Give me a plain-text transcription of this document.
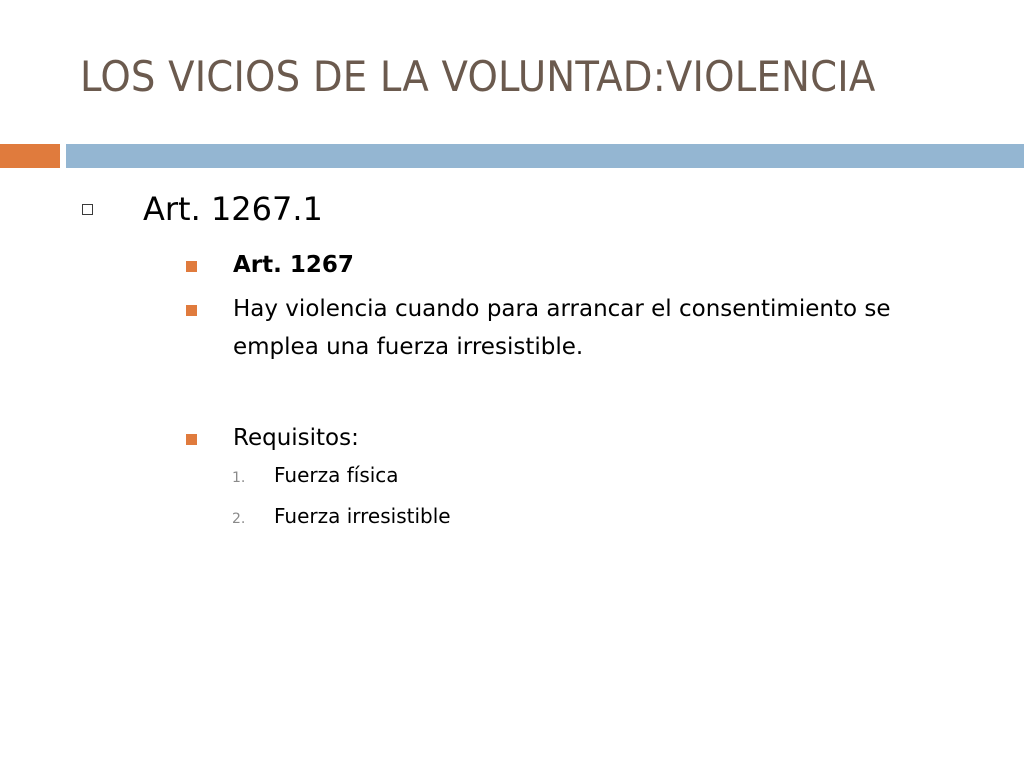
LOS VICIOS DE LA VOLUNTAD:VIOLENCIA
Art. 1267.1
Art. 1267
Hay violencia cuando para arrancar el consentimiento se emplea una fuerza irresistible.
Requisitos:
1.	Fuerza física
2.	Fuerza irresistible
